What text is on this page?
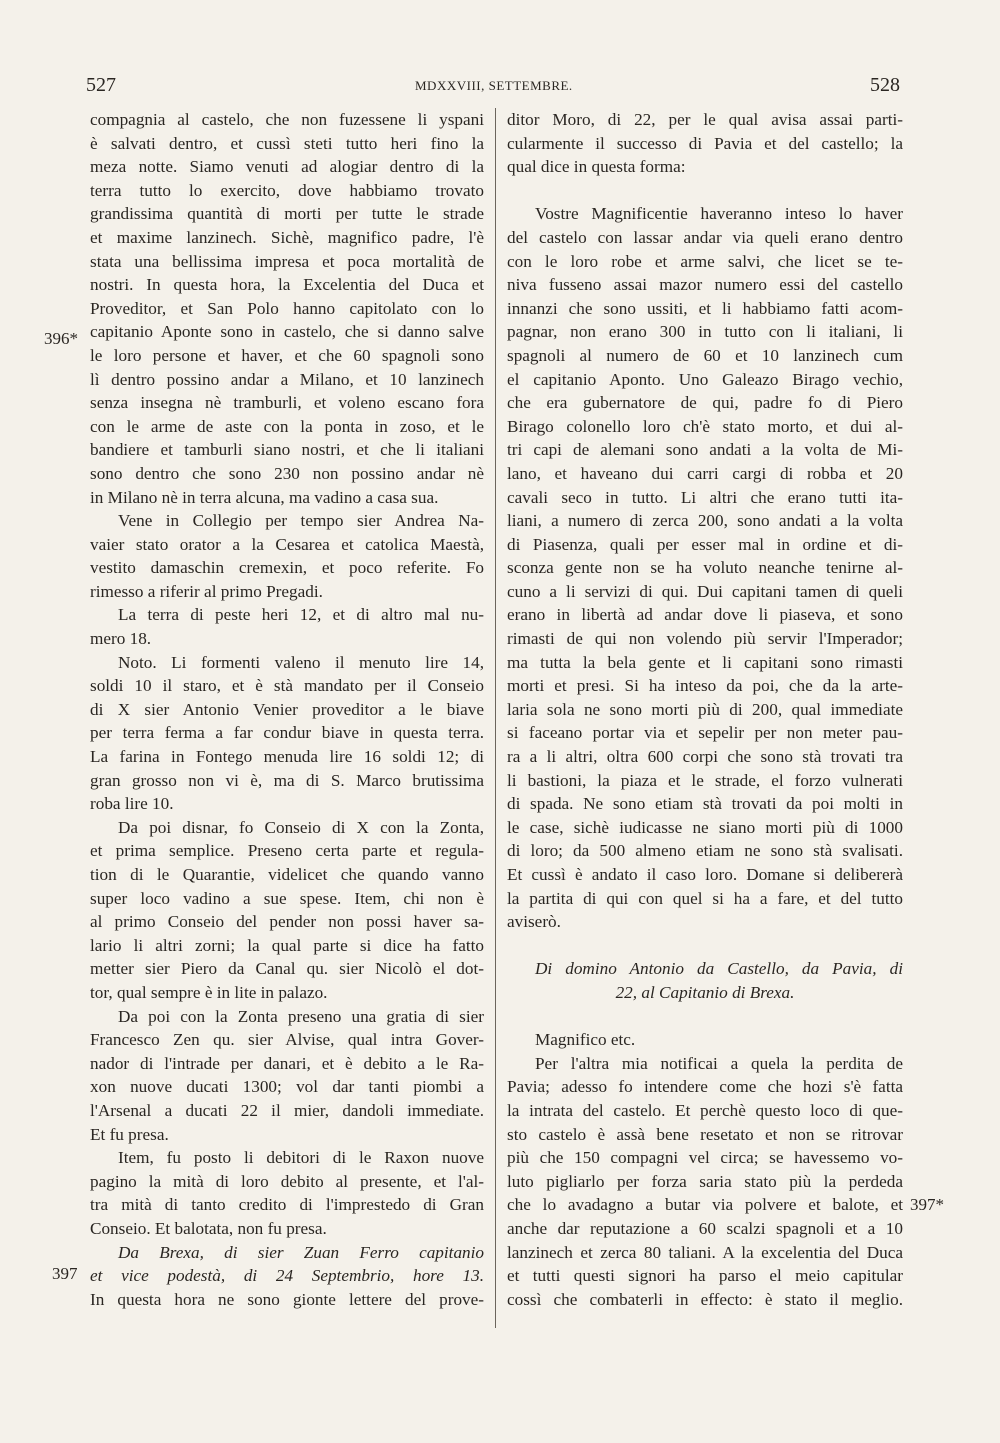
527	MDXXVIII, SETTEMBRE.	528
396*
397
397*
compagnia al castelo, che non fuzessene li yspani
è salvati dentro, et cussì steti tutto heri fino la
meza notte. Siamo venuti ad alogiar dentro di la
terra tutto lo exercito, dove habbiamo trovato
grandissima quantità di morti per tutte le strade
et maxime lanzinech. Sichè, magnifico padre, l'è
stata una bellissima impresa et poca mortalità de
nostri. In questa hora, la Excelentia del Duca et
Proveditor, et San Polo hanno capitolato con lo
capitanio Aponte sono in castelo, che si danno salve
le loro persone et haver, et che 60 spagnoli sono
lì dentro possino andar a Milano, et 10 lanzinech
senza insegna nè tramburli, et voleno escano fora
con le arme de aste con la ponta in zoso, et le
bandiere et tamburli siano nostri, et che li italiani
sono dentro che sono 230 non possino andar nè
in Milano nè in terra alcuna, ma vadino a casa sua.
Vene in Collegio per tempo sier Andrea Na-
vaier stato orator a la Cesarea et catolica Maestà,
vestito damaschin cremexin, et poco referite. Fo
rimesso a riferir al primo Pregadi.
La terra di peste heri 12, et di altro mal nu-
mero 18.
Noto. Li formenti valeno il menuto lire 14,
soldi 10 il staro, et è stà mandato per il Conseio
di X sier Antonio Venier proveditor a le biave
per terra ferma a far condur biave in questa terra.
La farina in Fontego menuda lire 16 soldi 12; di
gran grosso non vi è, ma di S. Marco brutissima
roba lire 10.
Da poi disnar, fo Conseio di X con la Zonta,
et prima semplice. Preseno certa parte et regula-
tion di le Quarantie, videlicet che quando vanno
super loco vadino a sue spese. Item, chi non è
al primo Conseio del pender non possi haver sa-
lario li altri zorni; la qual parte si dice ha fatto
metter sier Piero da Canal qu. sier Nicolò el dot-
tor, qual sempre è in lite in palazo.
Da poi con la Zonta preseno una gratia di sier
Francesco Zen qu. sier Alvise, qual intra Gover-
nador di l'intrade per danari, et è debito a le Ra-
xon nuove ducati 1300; vol dar tanti piombi a
l'Arsenal a ducati 22 il mier, dandoli immediate.
Et fu presa.
Item, fu posto li debitori di le Raxon nuove
pagino la mità di loro debito al presente, et l'al-
tra mità di tanto credito di l'imprestedo di Gran
Conseio. Et balotata, non fu presa.
Da Brexa, di sier Zuan Ferro capitanio
et vice podestà, di 24 Septembrio, hore 13.
In questa hora ne sono gionte lettere del prove-
ditor Moro, di 22, per le qual avisa assai parti-
cularmente il successo di Pavia et del castello; la
qual dice in questa forma:
Vostre Magnificentie haveranno inteso lo haver
del castelo con lassar andar via queli erano dentro
con le loro robe et arme salvi, che licet se te-
niva fusseno assai mazor numero essi del castello
innanzi che sono ussiti, et li habbiamo fatti acom-
pagnar, non erano 300 in tutto con li italiani, li
spagnoli al numero de 60 et 10 lanzinech cum
el capitanio Aponto. Uno Galeazo Birago vechio,
che era gubernatore de qui, padre fo di Piero
Birago colonello loro ch'è stato morto, et dui al-
tri capi de alemani sono andati a la volta de Mi-
lano, et haveano dui carri cargi di robba et 20
cavali seco in tutto. Li altri che erano tutti ita-
liani, a numero di zerca 200, sono andati a la volta
di Piasenza, quali per esser mal in ordine et di-
sconza gente non se ha voluto neanche tenirne al-
cuno a li servizi di qui. Dui capitani tamen di queli
erano in libertà ad andar dove li piaseva, et sono
rimasti de qui non volendo più servir l'Imperador;
ma tutta la bela gente et li capitani sono rimasti
morti et presi. Si ha inteso da poi, che da la arte-
laria sola ne sono morti più di 200, qual immediate
si faceano portar via et sepelir per non meter pau-
ra a li altri, oltra 600 corpi che sono stà trovati tra
li bastioni, la piaza et le strade, el forzo vulnerati
di spada. Ne sono etiam stà trovati da poi molti in
le case, sichè iudicasse ne siano morti più di 1000
di loro; da 500 almeno etiam ne sono stà svalisati.
Et cussì è andato il caso loro. Domane si delibererà
la partita di qui con quel si ha a fare, et del tutto
aviserò.
Di domino Antonio da Castello, da Pavia, di
22, al Capitanio di Brexa.
Magnifico etc.
Per l'altra mia notificai a quela la perdita de
Pavia; adesso fo intendere come che hozi s'è fatta
la intrata del castelo. Et perchè questo loco di que-
sto castelo è assà bene resetato et non se ritrovar
più che 150 compagni vel circa; se havessemo vo-
luto pigliarlo per forza saria stato più la perdeda
che lo avadagno a butar via polvere et balote, et
anche dar reputazione a 60 scalzi spagnoli et a 10
lanzinech et zerca 80 taliani. A la excelentia del Duca
et tutti questi signori ha parso el meio capitular
cossì che combaterli in effecto: è stato il meglio.
